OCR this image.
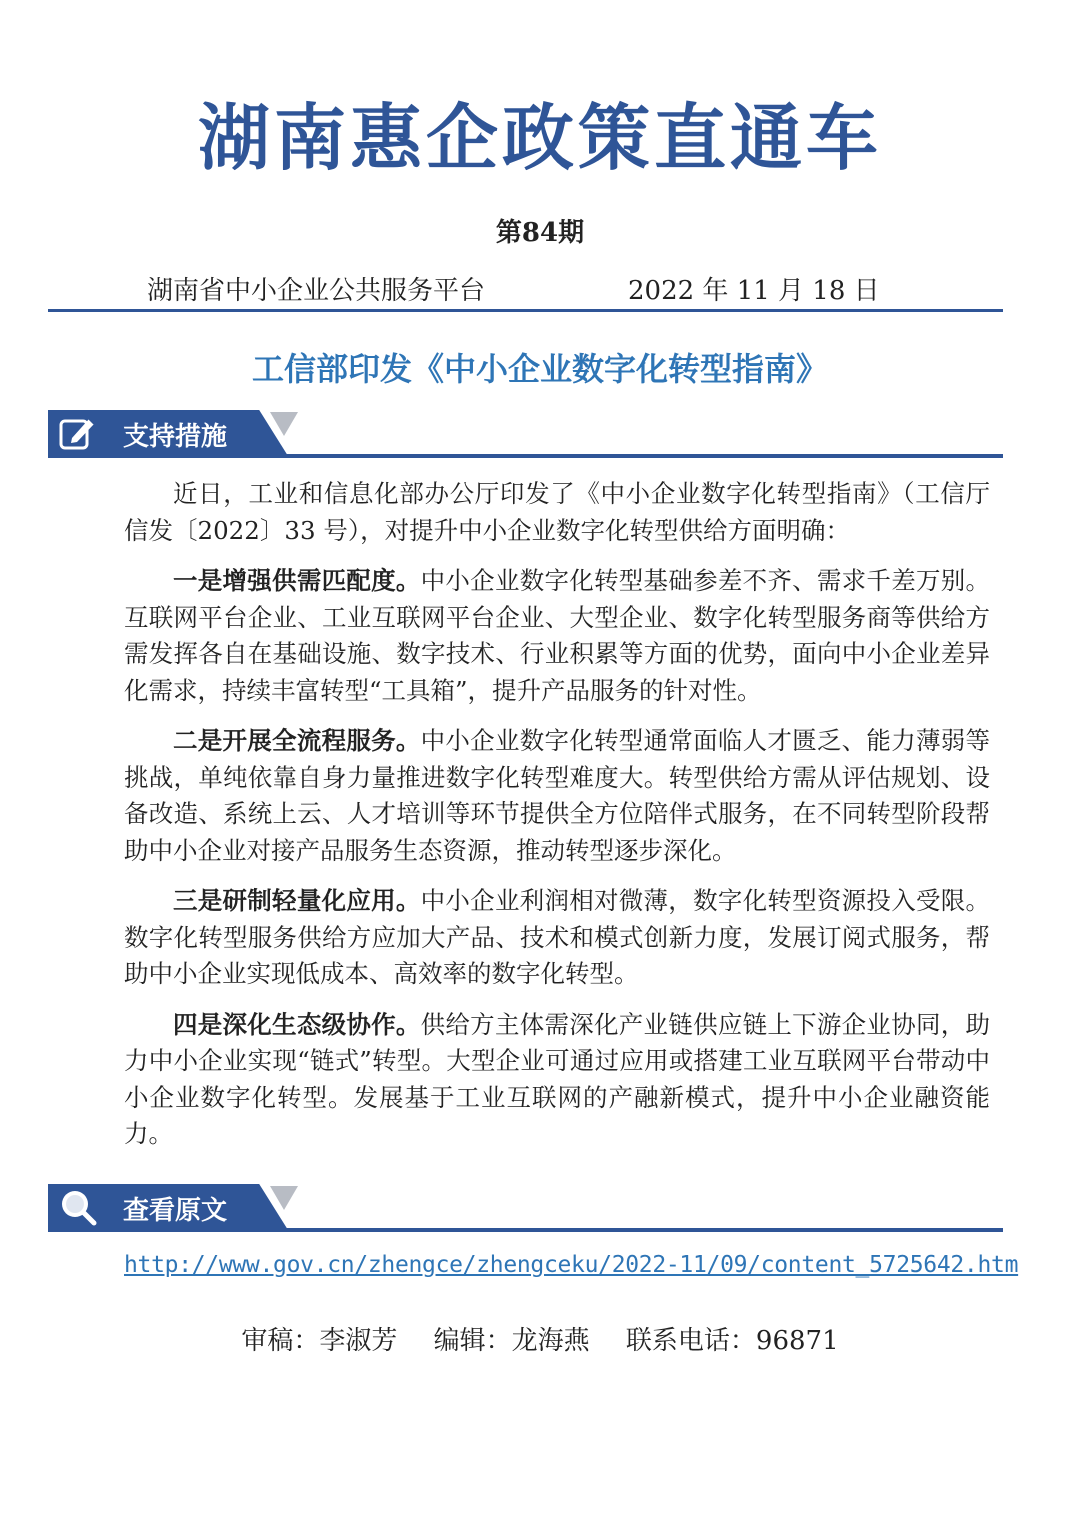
湖南惠企政策直通车
第84期
湖南省中小企业公共服务平台	2022 年 11 月 18 日
工信部印发《中小企业数字化转型指南》
支持措施

近日，工业和信息化部办公厅印发了《中小企业数字化转型指南》（工信厅信发〔2022〕33 号），对提升中小企业数字化转型供给方面明确：

一是增强供需匹配度。中小企业数字化转型基础参差不齐、需求千差万别。互联网平台企业、工业互联网平台企业、大型企业、数字化转型服务商等供给方需发挥各自在基础设施、数字技术、行业积累等方面的优势，面向中小企业差异化需求，持续丰富转型“工具箱”，提升产品服务的针对性。

二是开展全流程服务。中小企业数字化转型通常面临人才匮乏、能力薄弱等挑战，单纯依靠自身力量推进数字化转型难度大。转型供给方需从评估规划、设备改造、系统上云、人才培训等环节提供全方位陪伴式服务，在不同转型阶段帮助中小企业对接产品服务生态资源，推动转型逐步深化。

三是研制轻量化应用。中小企业利润相对微薄，数字化转型资源投入受限。数字化转型服务供给方应加大产品、技术和模式创新力度，发展订阅式服务，帮助中小企业实现低成本、高效率的数字化转型。

四是深化生态级协作。供给方主体需深化产业链供应链上下游企业协同，助力中小企业实现“链式”转型。大型企业可通过应用或搭建工业互联网平台带动中小企业数字化转型。发展基于工业互联网的产融新模式，提升中小企业融资能力。

查看原文
http://www.gov.cn/zhengce/zhengceku/2022-11/09/content_5725642.htm
审稿：李淑芳 编辑：龙海燕 联系电话：96871
